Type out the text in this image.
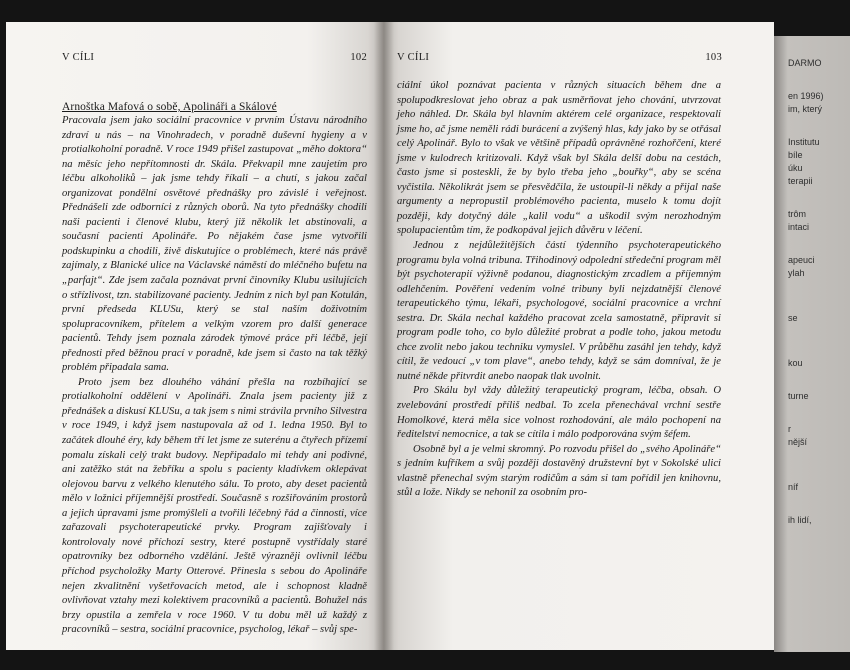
V CÍLI	102
Arnoštka Mafová o sobě, Apolináři a Skálové

Pracovala jsem jako sociální pracovnice v prvním Ústavu národního zdraví u nás – na Vinohradech, v poradně duševní hygieny a v protialkoholní poradně. V roce 1949 přišel zastupovat „měho doktora“ na měsíc jeho nepřítomnosti dr. Skála. Překvapil mne zaujetím pro léčbu alkoholiků – jak jsme tehdy říkali – a chutí, s jakou začal organizovat pondělní osvětové přednášky pro závislé i veřejnost. Přednášeli zde odborníci z různých oborů. Na tyto přednášky chodili naši pacienti i členové klubu, který již několik let abstinovali, a současní pacienti Apolináře. Po nějakém čase jsme vytvořili podskupinku a chodili, živě diskutujíce o problémech, které nás právě zajímaly, z Blanické ulice na Václavské náměstí do mléčného bufetu na „parfajt“. Zde jsem začala poznávat první činovníky Klubu usilujících o střízlivost, tzn. stabilizované pacienty. Jedním z nich byl pan Kotulán, první předseda KLUSu, který se stal naším doživotním spolupracovníkem, přítelem a velkým vzorem pro další generace pacientů. Tehdy jsem poznala zárodek týmové práce při léčbě, její přednosti před běžnou prací v poradně, kde jsem si často na tak těžký problém připadala sama.

Proto jsem bez dlouhého váhání přešla na rozbíhající se protialkoholní oddělení v Apolináři. Znala jsem pacienty již z přednášek a diskusí KLUSu, a tak jsem s nimi strávila prvního Silvestra v roce 1949, i když jsem nastupovala až od 1. ledna 1950. Byl to začátek dlouhé éry, kdy během tří let jsme ze suterénu a čtyřech přízemí pomalu získali celý trakt budovy. Nepřipadalo mi tehdy ani podivné, ani zatěžko stát na žebříku a spolu s pacienty kladívkem oklepávat olejovou barvu z velkého klenutého sálu. To proto, aby deset pacientů mělo v ložnici příjemnější prostředí. Současně s rozšiřováním prostorů a jejich úpravami jsme promýšleli a tvořili léčebný řád a činnosti, více zařazovali psychoterapeutické prvky. Program zajišťovaly i kontrolovaly nové příchozí sestry, které postupně vystřídaly staré opatrovníky bez odborného vzdělání. Ještě výrazněji ovlivnil léčbu příchod psycholožky Marty Otterové. Přinesla s sebou do Apolináře nejen zkvalitnění vyšetřovacích metod, ale i schopnost kladně ovlivňovat vztahy mezi kolektivem pracovníků a pacientů. Bohužel nás brzy opustila a zemřela v roce 1960. V tu dobu měl už každý z pracovníků – sestra, sociální pracovnice, psycholog, lékař – svůj spe-

V CÍLI	103

ciální úkol poznávat pacienta v různých situacích během dne a spolupodkreslovat jeho obraz a pak usměrňovat jeho chování, utvrzovat jeho náhled. Dr. Skála byl hlavním aktérem celé organizace, respektovali jsme ho, ač jsme neměli rádi burácení a zvýšený hlas, kdy jako by se otřásal celý Apolinář. Bylo to však ve většině případů oprávněné rozhořčení, které jsme v kulodrech kritizovali. Když však byl Skála delší dobu na cestách, často jsme si posteskli, že by bylo třeba jeho „bouřky“, aby se scéna vyčistila. Několikrát jsem se přesvědčila, že ustoupil-li někdy a přijal naše argumenty a nepropustil problémového pacienta, muselo k tomu dojít později, kdy dotyčný dále „kalil vodu“ a uškodil svým nerozhodným spolupacientům tím, že podkopával jejich důvěru v léčení.

Jednou z nejdůležitějších částí týdenního psychoterapeutického programu byla volná tribuna. Třihodinový odpolední středeční program měl být psychoterapií výživně podanou, diagnostickým zrcadlem a příjemným odlehčením. Pověření vedením volné tribuny byli nejzdatnější členové terapeutického týmu, lékaři, psychologové, sociální pracovnice a vrchní sestra. Dr. Skála nechal každého pracovat zcela samostatně, připravit si program podle toho, co bylo důležité probrat a podle toho, jakou metodu chce zvolit nebo jakou techniku vymyslel. V průběhu zasáhl jen tehdy, když cítil, že vedoucí „v tom plave“, anebo tehdy, když se sám domníval, že je nutné někde přitvrdit anebo naopak tlak uvolnit.

Pro Skálu byl vždy důležitý terapeutický program, léčba, obsah. O zvelebování prostředí příliš nedbal. To zcela přenechával vrchní sestře Homolkové, která měla sice volnost rozhodování, ale málo pochopení na ředitelství nemocnice, a tak se cítila i málo podporována svým šéfem.

Osobně byl a je velmi skromný. Po rozvodu přišel do „svého Apolináře“ s jedním kufříkem a svůj později dostavěný družstevní byt v Sokolské ulici vlastně přenechal svým starým rodičům a sám si tam pořídil jen knihovnu, stůl a lože. Nikdy se nehonil za osobním pro-

DARMO
en 1996)
im, který
Institutu
bíle
úku
terapii
trôm
intaci
apeuci
ylah
se
kou
turne
r
nější
níf
ih lidí,
